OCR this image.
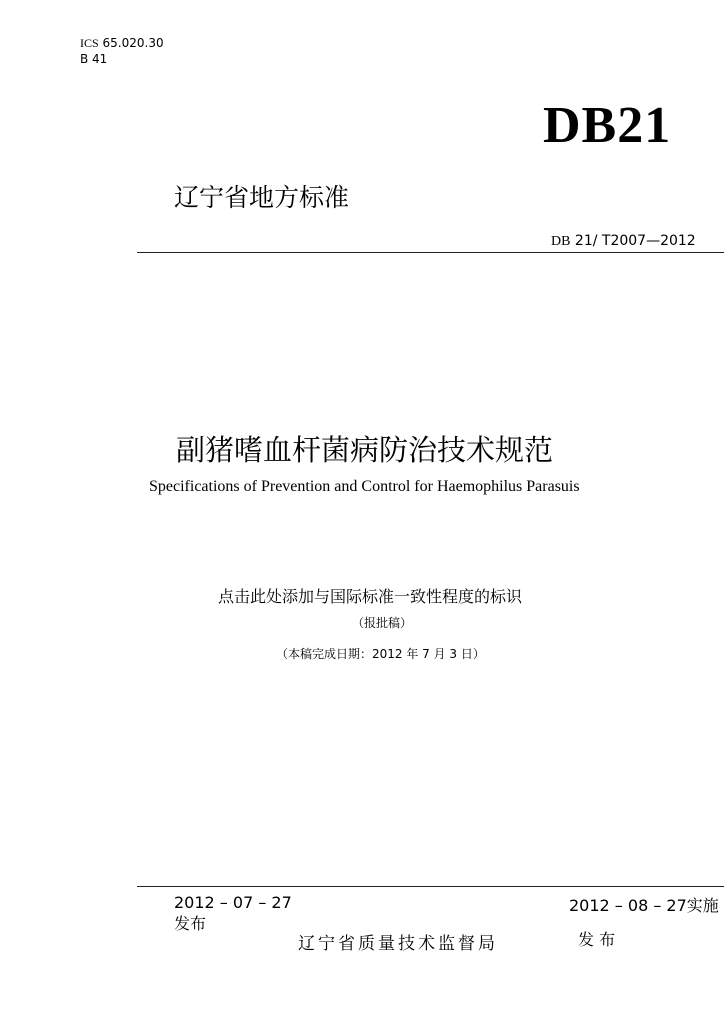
ICS 65.020.30
B 41
DB21
辽宁省地方标准
DB 21/ T2007—2012
副猪嗜血杆菌病防治技术规范
Specifications of Prevention and Control for Haemophilus Parasuis
点击此处添加与国际标准一致性程度的标识
（报批稿）
（本稿完成日期：2012 年 7 月 3 日）
2012 – 07 – 27
发布
2012 – 08 – 27实施
辽宁省质量技术监督局	发 布
